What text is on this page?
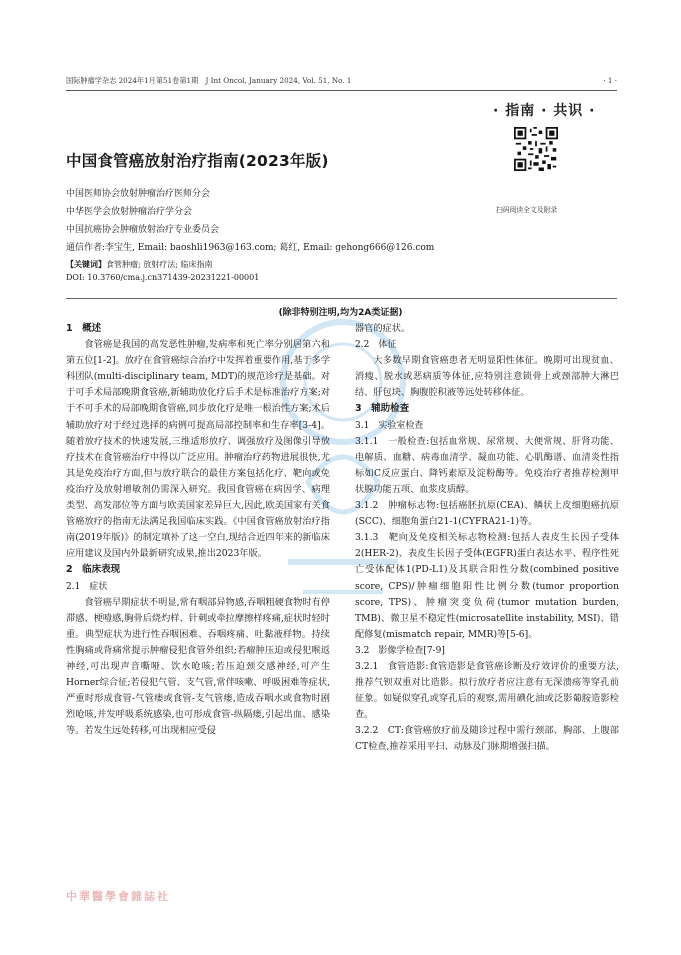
国际肿瘤学杂志 2024年1月第51卷第1期　J Int Oncol, January 2024, Vol. 51, No. 1	· 1 ·
· 指南 · 共识 ·
扫码阅读全文及附录
中国食管癌放射治疗指南(2023年版)
中国医师协会放射肿瘤治疗医师分会
中华医学会放射肿瘤治疗学分会
中国抗癌协会肿瘤放射治疗专业委员会
通信作者:李宝生, Email: baoshli1963@163.com; 葛红, Email: gehong666@126.com
【关键词】食管肿瘤; 放射疗法; 临床指南
DOI: 10.3760/cma.j.cn371439-20231221-00001
(除非特别注明,均为2A类证据)
1　概述
食管癌是我国的高发恶性肿瘤,发病率和死亡率分别居第六和第五位[1-2]。放疗在食管癌综合治疗中发挥着重要作用,基于多学科团队(multi-disciplinary team, MDT)的规范诊疗是基础。对于可手术局部晚期食管癌,新辅助放化疗后手术是标准治疗方案;对于不可手术的局部晚期食管癌,同步放化疗是唯一根治性方案;术后辅助放疗对于经过选择的病例可提高局部控制率和生存率[3-4]。随着放疗技术的快速发展,三维适形放疗、调强放疗及图像引导放疗技术在食管癌治疗中得以广泛应用。肿瘤治疗药物进展很快,尤其是免疫治疗方面,但与放疗联合的最佳方案包括化疗、靶向或免疫治疗及放射增敏剂仍需深入研究。我国食管癌在病因学、病理类型、高发部位等方面与欧美国家差异巨大,因此,欧美国家有关食管癌放疗的指南无法满足我国临床实践。《中国食管癌放射治疗指南(2019年版)》的制定填补了这一空白,现结合近四年来的新临床应用建议及国内外最新研究成果,推出2023年版。
2　临床表现
2.1　症状
食管癌早期症状不明显,常有咽部异物感,吞咽粗硬食物时有停滞感、梗噎感,胸骨后烧灼样、针刺或牵拉摩擦样疼痛,症状时轻时重。典型症状为进行性吞咽困难、吞咽疼痛、吐黏液样物。持续性胸痛或背痛常提示肿瘤侵犯食管外组织;若瘤肿压迫或侵犯喉返神经,可出现声音嘶哑、饮水呛咳;若压迫颈交感神经,可产生Horner综合征;若侵犯气管、支气管,常伴咳嗽、呼吸困难等症状,严重时形成食管-气管瘘或食管-支气管瘘,造成吞咽水或食物时剧烈呛咳,并发呼吸系统感染,也可形成食管-纵隔瘘,引起出血、感染等。若发生远处转移,可出现相应受侵
器官的症状。
2.2　体征
大多数早期食管癌患者无明显阳性体征。晚期可出现贫血、消瘦、脱水或恶病质等体征,应特别注意锁骨上或颈部肿大淋巴结、肝包块、胸腹腔积液等远处转移体征。
3　辅助检查
3.1　实验室检查
3.1.1　一般检查:包括血常规、尿常规、大便常规、肝肾功能、电解质、血糖、病毒血清学、凝血功能、心肌酶谱、血清炎性指标如C反应蛋白、降钙素原及淀粉酶等。免疫治疗者推荐检测甲状腺功能五项、血浆皮质醇。
3.1.2　肿瘤标志物:包括癌胚抗原(CEA)、鳞状上皮细胞癌抗原(SCC)、细胞角蛋白21-1(CYFRA21-1)等。
3.1.3　靶向及免疫相关标志物检测:包括人表皮生长因子受体2(HER-2)、表皮生长因子受体(EGFR)蛋白表达水平、程序性死亡受体配体1(PD-L1)及其联合阳性分数(combined positive score, CPS)/肿瘤细胞阳性比例分数(tumor proportion score, TPS)、肿瘤突变负荷(tumor mutation burden, TMB)、微卫星不稳定性(microsatellite instability, MSI)、错配修复(mismatch repair, MMR)等[5-6]。
3.2　影像学检查[7-9]
3.2.1　食管造影:食管造影是食管癌诊断及疗效评价的重要方法,推荐气钡双重对比造影。拟行放疗者应注意有无深溃疡等穿孔前征象。如疑似穿孔或穿孔后的观察,需用碘化油或泛影葡胺造影检查。
3.2.2　CT:食管癌放疗前及随诊过程中需行颈部、胸部、上腹部CT检查,推荐采用平扫、动脉及门脉期增强扫描。
中華醫學會雜誌社
